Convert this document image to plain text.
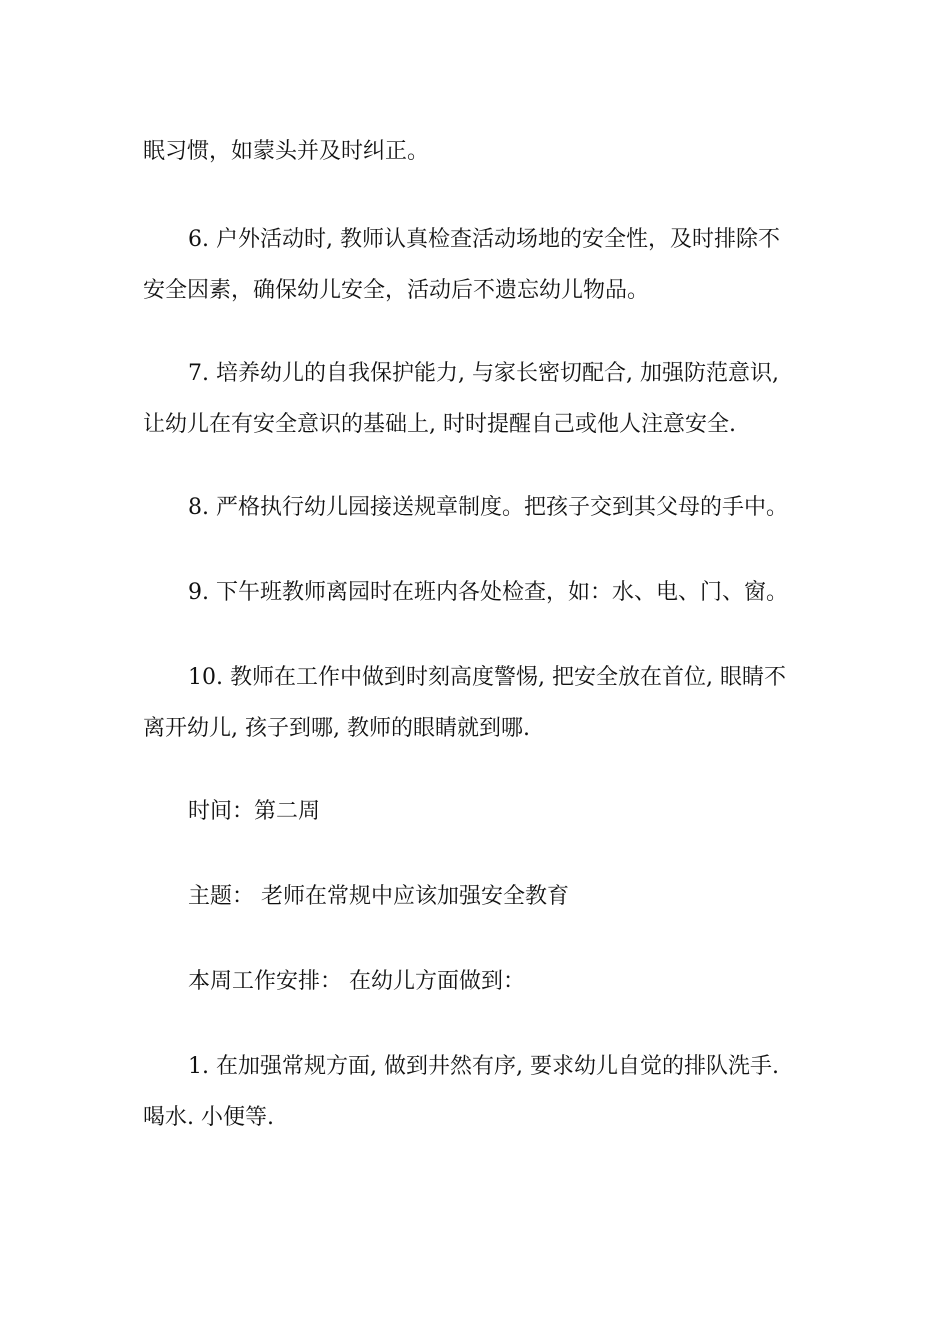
眠习惯，如蒙头并及时纠正。

6. 户外活动时, 教师认真检查活动场地的安全性，及时排除不
安全因素，确保幼儿安全，活动后不遗忘幼儿物品。

7. 培养幼儿的自我保护能力, 与家长密切配合, 加强防范意识,
让幼儿在有安全意识的基础上, 时时提醒自己或他人注意安全.

8. 严格执行幼儿园接送规章制度。把孩子交到其父母的手中。

9. 下午班教师离园时在班内各处检查，如：水、电、门、窗。

10. 教师在工作中做到时刻高度警惕, 把安全放在首位, 眼睛不
离开幼儿, 孩子到哪, 教师的眼睛就到哪.

时间：第二周

主题： 老师在常规中应该加强安全教育

本周工作安排： 在幼儿方面做到：

1. 在加强常规方面, 做到井然有序, 要求幼儿自觉的排队洗手.
喝水. 小便等.
